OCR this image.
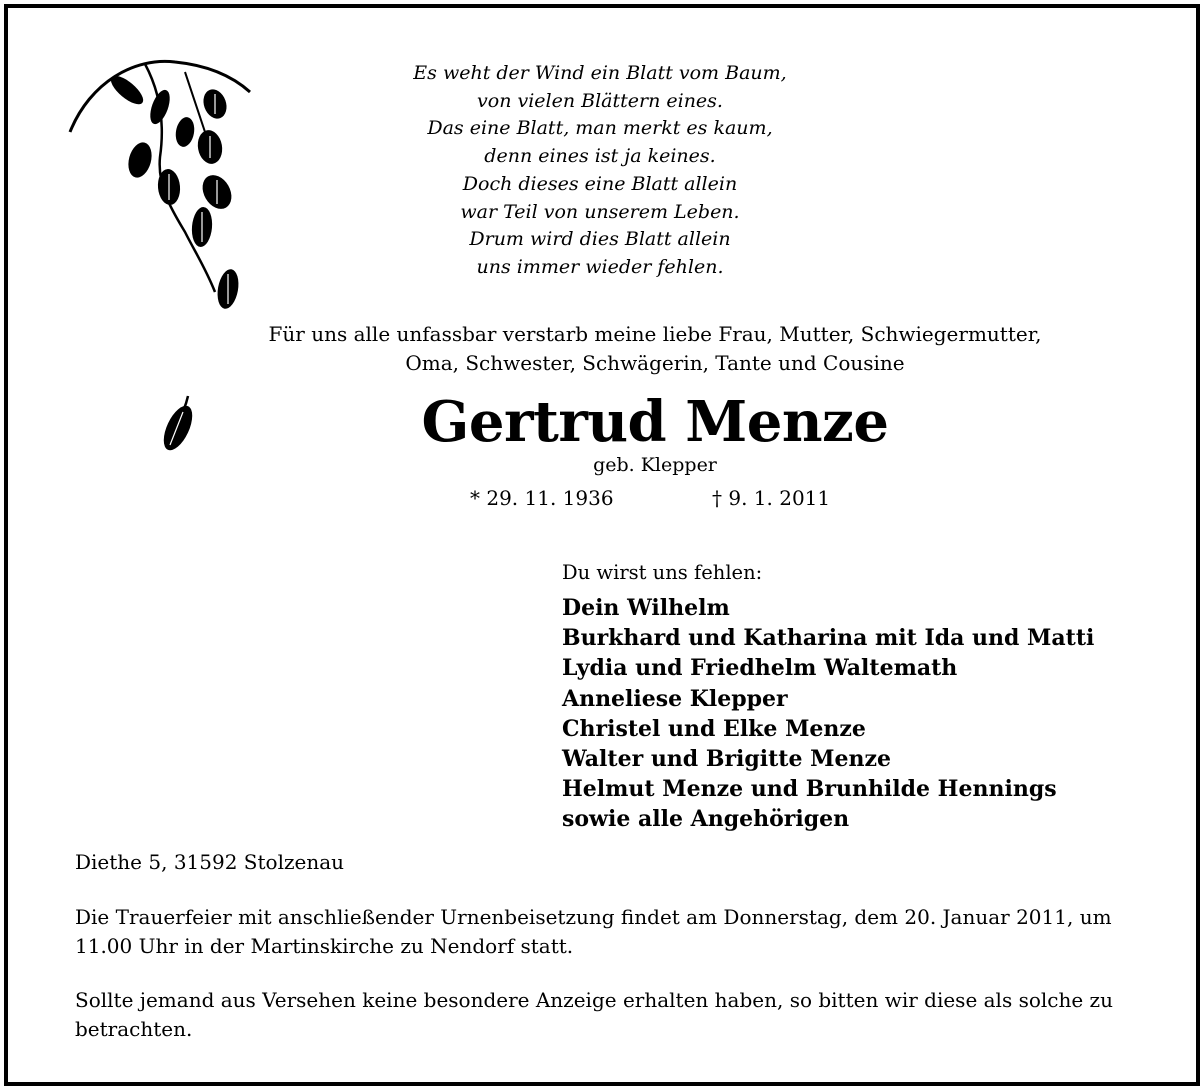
Es weht der Wind ein Blatt vom Baum,
von vielen Blättern eines.
Das eine Blatt, man merkt es kaum,
denn eines ist ja keines.
Doch dieses eine Blatt allein
war Teil von unserem Leben.
Drum wird dies Blatt allein
uns immer wieder fehlen.
Für uns alle unfassbar verstarb meine liebe Frau, Mutter, Schwiegermutter,
Oma, Schwester, Schwägerin, Tante und Cousine
Gertrud Menze
geb. Klepper
* 29. 11. 1936	† 9. 1. 2011
Du wirst uns fehlen:
Dein Wilhelm
Burkhard und Katharina mit Ida und Matti
Lydia und Friedhelm Waltemath
Anneliese Klepper
Christel und Elke Menze
Walter und Brigitte Menze
Helmut Menze und Brunhilde Hennings
sowie alle Angehörigen
Diethe 5, 31592 Stolzenau
Die Trauerfeier mit anschließender Urnenbeisetzung findet am Donnerstag, dem 20. Januar 2011, um 11.00 Uhr in der Martinskirche zu Nendorf statt.
Sollte jemand aus Versehen keine besondere Anzeige erhalten haben, so bitten wir diese als solche zu betrachten.
